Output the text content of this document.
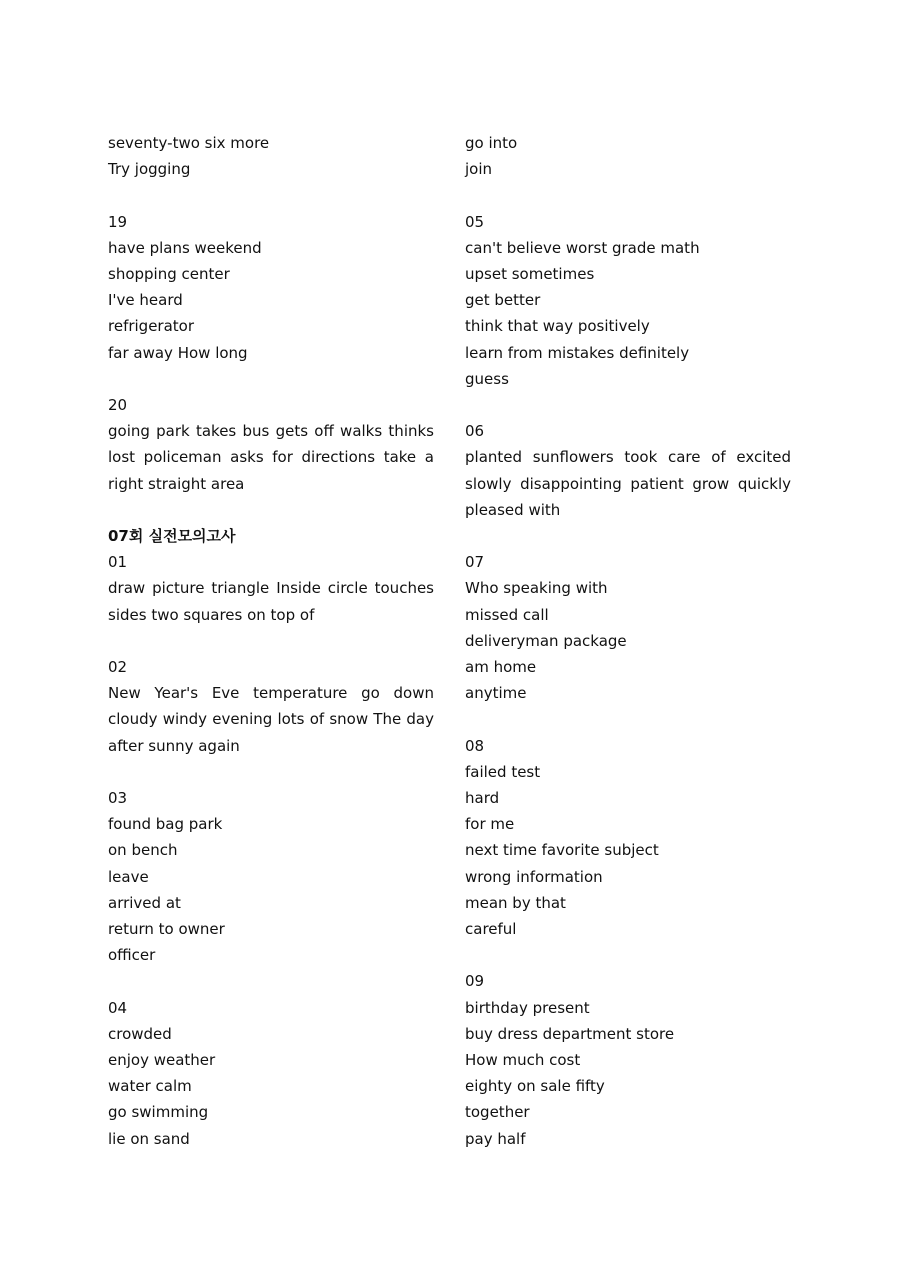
seventy-two six more
Try jogging
19
have plans weekend
shopping center
I've heard
refrigerator
far away How long
20
going park takes bus gets off walks thinks lost policeman asks for directions take a right straight area
07회 실전모의고사
01
draw picture triangle Inside circle touches sides two squares on top of
02
New Year's Eve temperature go down cloudy windy evening lots of snow The day after sunny again
03
found bag park
on bench
leave
arrived at
return to owner
officer
04
crowded
enjoy weather
water calm
go swimming
lie on sand
go into
join
05
can't believe worst grade math
upset sometimes
get better
think that way positively
learn from mistakes definitely
guess
06
planted sunflowers took care of excited slowly disappointing patient grow quickly pleased with
07
Who speaking with
missed call
deliveryman package
am home
anytime
08
failed test
hard
for me
next time favorite subject
wrong information
mean by that
careful
09
birthday present
buy dress department store
How much cost
eighty on sale fifty
together
pay half
